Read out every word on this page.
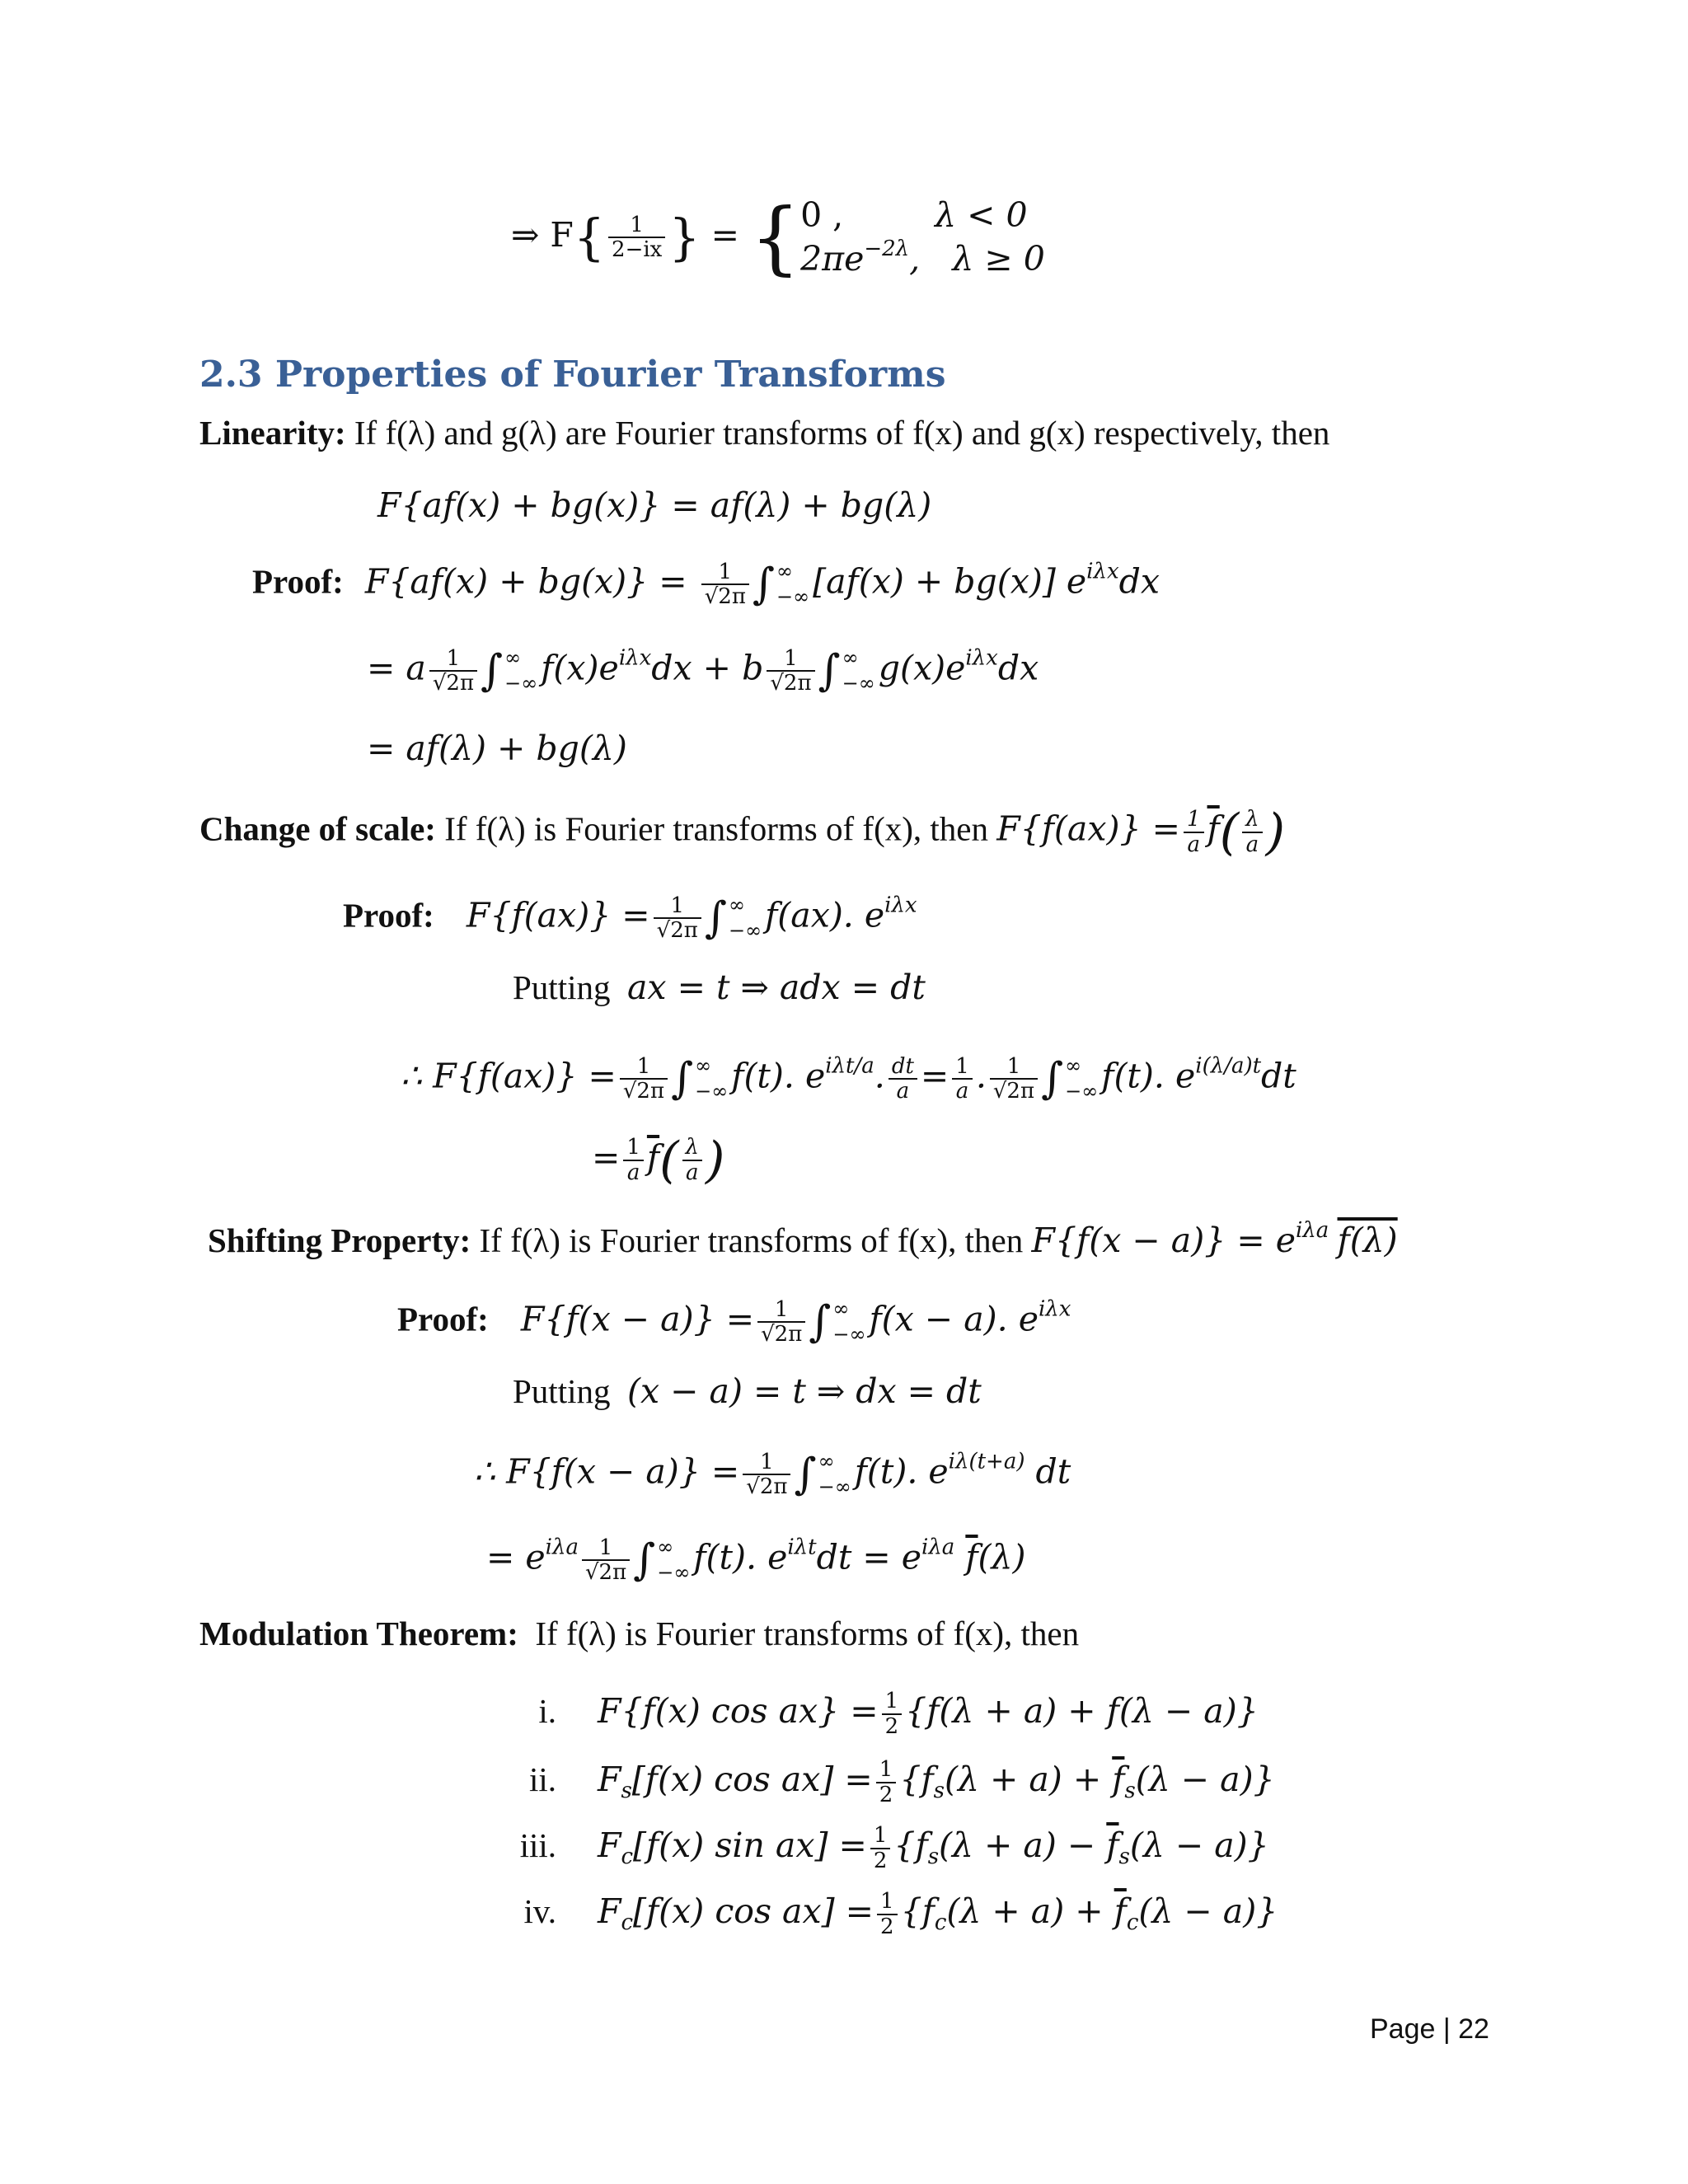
⇒ $F\{ \frac{1}{2-ix}$ } = { 0 ,	λ < 0
$2\pi e^{-2\lambda}$,   λ ≥ 0
2.3 Properties of Fourier Transforms
Linearity: If f(λ) and g(λ) are Fourier transforms of f(x) and g(x) respectively, then
F{af(x) + bg(x)} = af(λ) + bg(λ)
Proof: $F\{af(x) + bg(x)\} = \frac{1}{√2\pi}$ ∫ ∞
−∞ [af(x) + bg(x)] $e^{i\lambda x}dx$
= a $\frac{1}{√2\pi}$ ∫ ∞
−∞ $f(x)e^{i\lambda x}dx + b \frac{1}{√2\pi}$ ∫ ∞
−∞ $g(x)e^{i\lambda x}dx$
= af(λ) + bg(λ)
Change of scale: If f(λ) is Fourier transforms of f(x), then $F\{f(ax)\} = \frac{1}{a} \overline{f}( \frac{\lambda}{a}$ )
Proof: $F\{f(ax)\} = \frac{1}{√2\pi}$ ∫ ∞
−∞ f(ax). $e^{i\lambda x}$
Putting ax = t ⇒ adx = dt
∴ $F\{f(ax)\} = \frac{1}{√2\pi}$ ∫ ∞
−∞ f(t). $e^{i\lambda t/a}$. $\frac{dt}{a} = \frac{1}{a}$ . $\frac{1}{√2\pi}$ ∫ ∞
−∞ f(t). $e^{i(\lambda/a)t}dt$
= $\frac{1}{a} \overline{f}( \frac{\lambda}{a}$ )
Shifting Property: If f(λ) is Fourier transforms of f(x), then $F\{f(x - a)\} = e^{i\lambda a}$ f(λ)
Proof: $F\{f(x - a)\} = \frac{1}{√2\pi}$ ∫ ∞
−∞ f(x − a). $e^{i\lambda x}$
Putting (x − a) = t ⇒ dx = dt
∴ $F\{f(x - a)\} = \frac{1}{√2\pi}$ ∫ ∞
−∞ f(t). $e^{i\lambda(t+a)}$ dt
= $e^{i\lambda a} \frac{1}{√2\pi}$ ∫ ∞
−∞ f(t). $e^{i\lambda t}dt = e^{i\lambda a}$ $\overline{f}(\lambda)$
Modulation Theorem: If f(λ) is Fourier transforms of f(x), then
i. F{f(x) $\cos ax\} = \frac{1}{2} \{f(\lambda + a) + f(\lambda - a)\}$
ii. $F_s[f(x)$ $\cos ax] = \frac{1}{2} \{f_s(\lambda + a) + \overline{f}_s(\lambda - a)\}$
iii. $F_c[f(x)$ $\sin ax] = \frac{1}{2} \{f_s(\lambda + a) - \overline{f}_s(\lambda - a)\}$
iv. $F_c[f(x)$ $\cos ax] = \frac{1}{2} \{f_c(\lambda + a) + \overline{f}_c(\lambda - a)\}$
Page | 22
